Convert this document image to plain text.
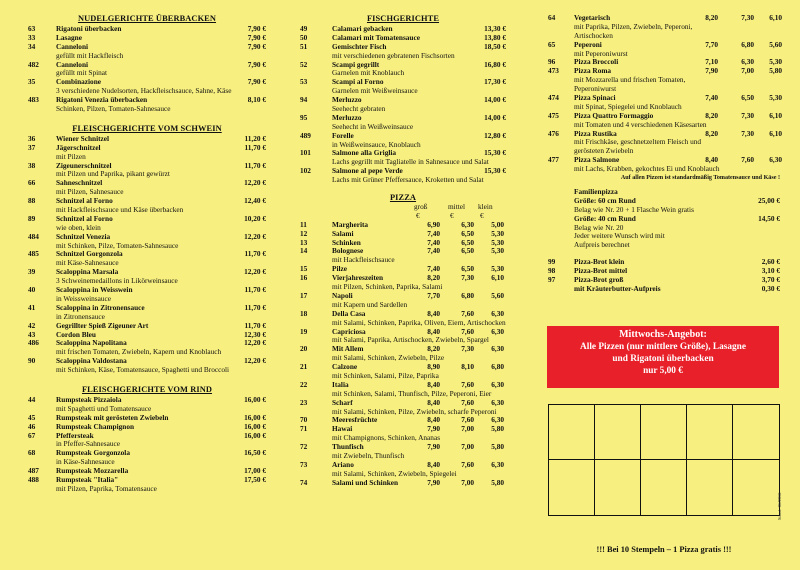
NUDELGERICHTE ÜBERBACKEN
63	Rigatoni überbacken	7,90 €
33	Lasagne	7,90 €
34	Canneloni	7,90 €
gefüllt mit Hackfleisch
482 Canneloni	7,90 €
gefüllt mit Spinat
35	Combinazione	7,90 €
3 verschiedene Nudelsorten, Hackfleischsauce, Sahne, Käse
483 Rigatoni Venezia überbacken	8,10 €
Schinken, Pilzen, Tomaten-Sahnesauce
FLEISCHGERICHTE VOM SCHWEIN
36	Wiener Schnitzel	11,20 €
37	Jägerschnitzel	11,70 €
mit Pilzen
38	Zigeunerschnitzel	11,70 €
mit Pilzen und Paprika, pikant gewürzt
66	Sahneschnitzel	12,20 €
mit Pilzen, Sahnesauce
88	Schnitzel al Forno	12,40 €
mit Hackfleischsauce und Käse überbacken
89	Schnitzel al Forno	10,20 €
wie oben, klein
484 Schnitzel Venezia	12,20 €
mit Schinken, Pilze, Tomaten-Sahnesauce
485 Schnitzel Gorgonzola	11,70 €
mit Käse-Sahnesauce
39	Scaloppina Marsala	12,20 €
3 Schweinemedaillons in Likörweinsauce
40	Scaloppina in Weisswein	11,70 €
in Weissweinsauce
41	Scaloppina in Zitronensauce	11,70 €
in Zitronensauce
42	Gegrillter Spieß Zigeuner Art	11,70 €
43	Cordon Bleu	12,30 €
486 Scaloppina Napolitana	12,20 €
mit frischen Tomaten, Zwiebeln, Kapern und Knoblauch
90	Scaloppina Valdostana	12,20 €
mit Schinken, Käse, Tomatensauce, Spaghetti und Broccoli
FLEISCHGERICHTE VOM RIND
44	Rumpsteak Pizzaiola	16,00 €
mit Spaghetti und Tomatensauce
45	Rumpsteak mit gerösteten Zwiebeln	16,00 €
46	Rumpsteak Champignon	16,00 €
67	Pfeffersteak	16,00 €
in Pfeffer-Sahnesauce
68	Rumpsteak Gorgonzola	16,50 €
in Käse-Sahnesauce
487 Rumpsteak Mozzarella	17,00 €
488 Rumpsteak "Italia"	17,50 €
mit Pilzen, Paprika, Tomatensauce
FISCHGERICHTE
49	Calamari gebacken	13,30 €
50	Calamari mit Tomatensauce	13,80 €
51	Gemischter Fisch	18,50 €
mit verschiedenen gebratenen Fischsorten
52	Scampi gegrillt	16,80 €
Garnelen mit Knoblauch
53	Scampi al Forno	17,30 €
Garnelen mit Weißweinsauce
94	Merluzzo	14,00 €
Seehecht gebraten
95	Merluzzo	14,00 €
Seehecht in Weißweinsauce
489	Forelle	12,80 €
in Weißweinsauce, Knoblauch
101	Salmone alla Griglia	15,30 €
Lachs gegrillt mit Tagliatelle in Sahnesauce und Salat
102	Salmone al pepe Verde	15,30 €
Lachs mit Grüner Pfeffersauce, Kroketten und Salat
PIZZA
groß	mittel klein
€	€	€
11	Margherita	6,90	6,30	5,00
12	Salami	7,40	6,50	5,30
13	Schinken	7,40	6,50	5,30
14	Bolognese	7,40	6,50	5,30
mit Hackfleischsauce
15	Pilze	7,40	6,50	5,30
16	Vierjahreszeiten	8,20	7,30	6,10
mit Pilzen, Schinken, Paprika, Salami
17	Napoli	7,70	6,80	5,60
mit Kapern und Sardellen
18	Della Casa	8,40	7,60	6,30
mit Salami, Schinken, Paprika, Oliven, Eiern, Artischocken
19	Capriciosa	8,40	7,60	6,30
mit Salami, Paprika, Artischocken, Zwiebeln, Spargel
20	Mit Allem	8,20	7,30	6,30
mit Salami, Schinken, Zwiebeln, Pilze
21	Calzone	8,90	8,10	6,80
mit Schinken, Salami, Pilze, Paprika
22	Italia	8,40	7,60	6,30
mit Schinken, Salami, Thunfisch, Pilze, Peperoni, Eier
23	Scharf	8,40	7,60	6,30
mit Salami, Schinken, Pilze, Zwiebeln, scharfe Peperoni
70	Meeresfrüchte	8,40	7,60	6,30
71	Hawai	7,90	7,00	5,80
mit Champignons, Schinken, Ananas
72	Thunfisch	7,90	7,00	5,80
mit Zwiebeln, Thunfisch
73	Ariano	8,40	7,60	6,30
mit Salami, Schinken, Zwiebeln, Spiegelei
74	Salami und Schinken	7,90	7,00	5,80
64	Vegetarisch	8,20	7,30	6,10
mit Paprika, Pilzen, Zwiebeln, Peperoni,
Artischocken
65	Peperoni	7,70	6,80	5,60
mit Peperoniwurst
96	Pizza Broccoli	7,10	6,30	5,30
473 Pizza Roma	7,90	7,00	5,80
mit Mozzarella und frischen Tomaten,
Peperoniwurst
474 Pizza Spinaci	7,40	6,50	5,30
mit Spinat, Spiegelei und Knoblauch
475 Pizza Quattro Formaggio	8,20	7,30	6,10
mit Tomaten und 4 verschiedenen Käsesarten
476 Pizza Rustika	8,20	7,30	6,10
mit Frischkäse, geschnetzeltem Fleisch und
gerösteten Zwiebeln
477 Pizza Salmone	8,40	7,60	6,30
mit Lachs, Krabben, gekochtes Ei und Knoblauch
Auf allen Pizzen ist standardmäßig Tomatensauce und Käse !
Familienpizza
Größe: 60 cm Rund	25,00 €
Belag wie Nr. 20 + 1 Flasche Wein gratis
Größe: 40 cm Rund	14,50 €
Belag wie Nr. 20
Jeder weitere Wunsch wird mit
Aufpreis berechnet
99	Pizza-Brot klein	2,60 €
98	Pizza-Brot mittel	3,10 €
97	Pizza-Brot groß	3,70 €
mit Kräuterbutter-Aufpreis	0,30 €
Mittwochs-Angebot:
Alle Pizzen (nur mittlere Größe), Lasagne
und Rigatoni überbacken
nur 5,00 €
!!! Bei 10 Stempeln – 1 Pizza gratis !!!
Stand: 06/2018
